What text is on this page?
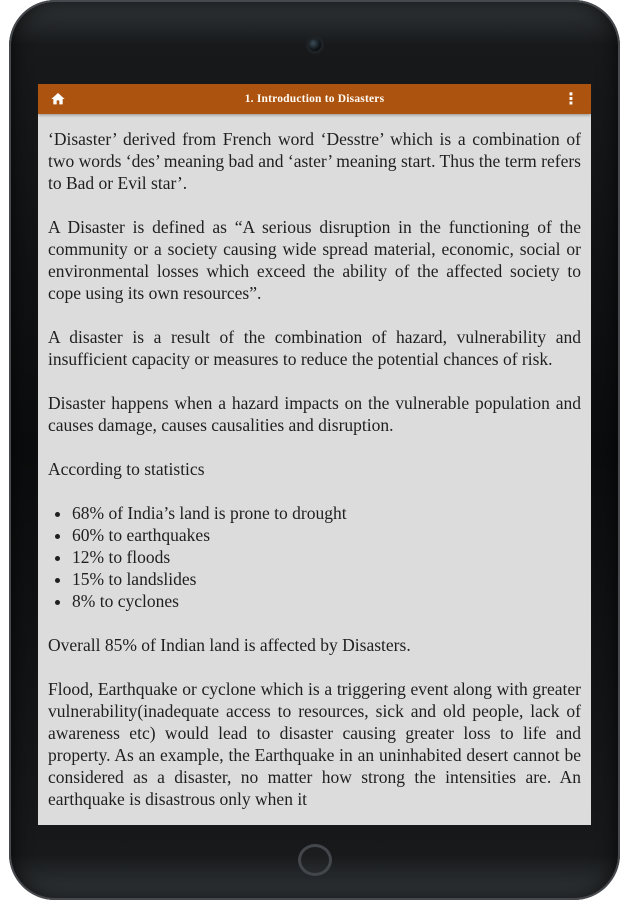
1. Introduction to Disasters	⋮

‘Disaster’ derived from French word ‘Desstre’ which is a combination of two words ‘des’ meaning bad and ‘aster’ meaning start. Thus the term refers to Bad or Evil star’.

A Disaster is defined as “A serious disruption in the functioning of the community or a society causing wide spread material, economic, social or environmental losses which exceed the ability of the affected society to cope using its own resources”.

A disaster is a result of the combination of hazard, vulnerability and insufficient capacity or measures to reduce the potential chances of risk.

Disaster happens when a hazard impacts on the vulnerable population and causes damage, causes causalities and disruption.

According to statistics

• 68% of India’s land is prone to drought
• 60% to earthquakes
• 12% to floods
• 15% to landslides
• 8% to cyclones

Overall 85% of Indian land is affected by Disasters.

Flood, Earthquake or cyclone which is a triggering event along with greater vulnerability(inadequate access to resources, sick and old people, lack of awareness etc) would lead to disaster causing greater loss to life and property. As an example, the Earthquake in an uninhabited desert cannot be considered as a disaster, no matter how strong the intensities are. An earthquake is disastrous only when it
